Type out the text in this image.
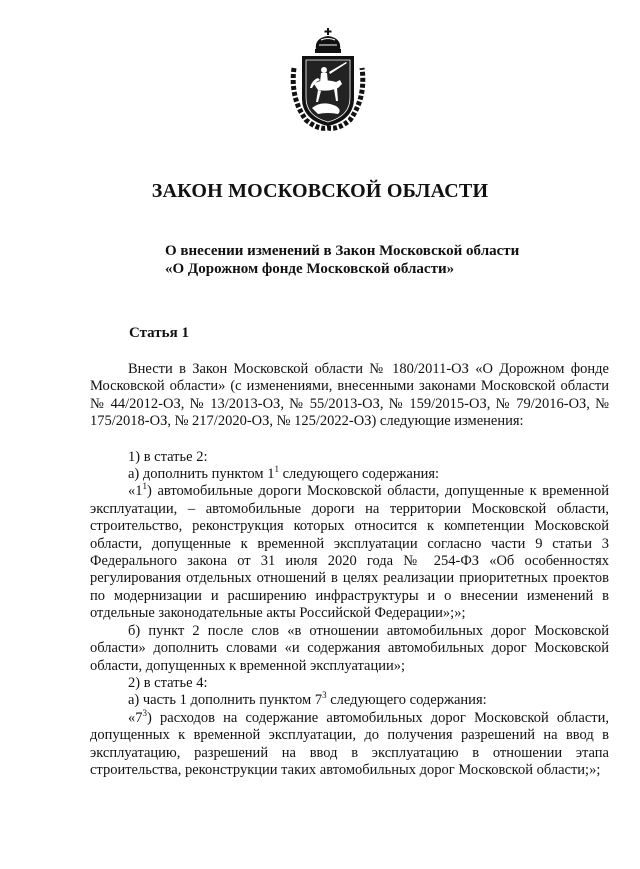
ЗАКОН МОСКОВСКОЙ ОБЛАСТИ
О внесении изменений в Закон Московской области
«О Дорожном фонде Московской области»
Статья 1

Внести в Закон Московской области № 180/2011-ОЗ «О Дорожном фонде Московской области» (с изменениями, внесенными законами Московской области № 44/2012-ОЗ, № 13/2013-ОЗ, № 55/2013-ОЗ, № 159/2015-ОЗ, № 79/2016-ОЗ, № 175/2018-ОЗ, № 217/2020-ОЗ, № 125/2022-ОЗ) следующие изменения:

1) в статье 2:

а) дополнить пунктом $1^1$ следующего содержания:

«$1^1$) автомобильные дороги Московской области, допущенные к временной эксплуатации, – автомобильные дороги на территории Московской области, строительство, реконструкция которых относится к компетенции Московской области, допущенные к временной эксплуатации согласно части 9 статьи 3 Федерального закона от 31 июля 2020 года № 254-ФЗ «Об особенностях регулирования отдельных отношений в целях реализации приоритетных проектов по модернизации и расширению инфраструктуры и о внесении изменений в отдельные законодательные акты Российской Федерации»;»;

б) пункт 2 после слов «в отношении автомобильных дорог Московской области» дополнить словами «и содержания автомобильных дорог Московской области, допущенных к временной эксплуатации»;

2) в статье 4:

а) часть 1 дополнить пунктом $7^3$ следующего содержания:

«$7^3$) расходов на содержание автомобильных дорог Московской области, допущенных к временной эксплуатации, до получения разрешений на ввод в эксплуатацию, разрешений на ввод в эксплуатацию в отношении этапа строительства, реконструкции таких автомобильных дорог Московской области;»;
